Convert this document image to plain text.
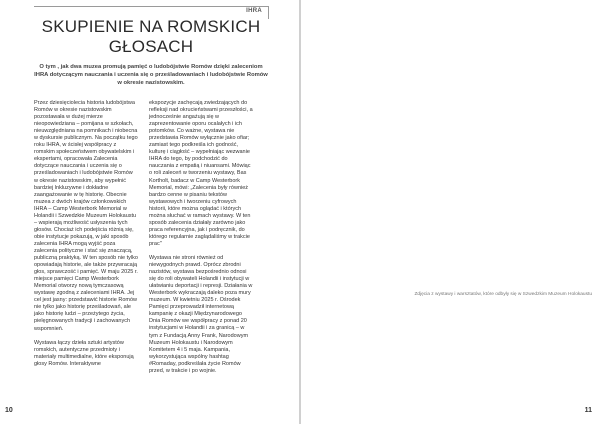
IHRA
SKUPIENIE NA ROMSKICH
GŁOSACH

O tym , jak dwa muzea promują pamięć o ludobójstwie Romów dzięki zaleceniom IHRA dotyczącym nauczania i uczenia się o prześladowaniach i ludobójstwie Romów w okresie nazistowskim.

Przez dziesięciolecia historia ludobójstwa Romów w okresie nazistowskim pozostawała w dużej mierze nieopowiedziana – pomijana w szkołach, nieuwzględniana na pomnikach i niobecna w dyskursie publicznym. Na początku tego roku IHRA, w ścisłej współpracy z romskim społeczeństwem obywatelskim i ekspertami, opracowała Zalecenia dotyczące nauczania i uczenia się o prześladowaniach i ludobójstwie Romów w okresie nazistowskim, aby wypełnić bardziej lnkluzywne i dokładne zaangażowanie w tę historię. Obecnie muzea z dwóch krajów członkowskich IHRA – Camp Westerbork Memorial w Holandii i Szwedzkie Muzeum Holokaustu – wspierają możliwość usłyszenia tych głosów. Chociaż ich podejścia różnią się, obie instytucje pokazują, w jaki sposób zalecenia IHRA mogą wyjść poza zalecenia polityczne i stać się znaczącą, publiczną praktyką. W ten sposób nie tylko opowiadają historie, ale także przywracają głos, sprawczość i pamięć. W maju 2025 r. miejsce pamięci Camp Westerbork Memorial otworzy nową tymczasową wystawę zgodną z zaleceniami IHRA. Jej cel jest jasny: przedstawić historie Romów nie tylko jako historię prześladowań, ale jako historię ludzi – przeżytego życia, pielęgnowanych tradycji i zachowanych wspomnień.

Wystawa łączy dzieła sztuki artystów romskich, autentyczne przedmioty i materiały multimedialne, które eksponują głosy Romów. Interaktywne

ekspozycje zachęcają zwiedzających do refleksji nad okrucieństwami przeszłości, a jednocześnie angażują się w zaprezentowanie oporu ocalałych i ich potomków. Co ważne, wystawa nie przedstawia Romów wyłącznie jako ofiar; zamiast tego podkreśla ich godność, kulturę i ciągłość – wypełniając wezwanie IHRA do tego, by podchodzić do nauczania z empatią i niuansami. Mówiąc o roli zaleceń w tworzeniu wystawy, Bas Kortholt, badacz w Camp Westerbork Memorial, mówi: „Zalecenia były również bardzo cenne w pisaniu tekstów wystawowych i tworzeniu cyfrowych historii, które można oglądać i których można słuchać w ramach wystawy. W ten sposób zalecenia działały zarówno jako praca referencyjna, jak i podręcznik, do którego regularnie zaglądaliśmy w trakcie prac"

Wystawa nie stroni również od niewygodnych prawd. Oprócz zbrodni nazistów, wystawa bezpośrednio odnosi się do roli obywateli Holandii i instytucji w ułatwianiu deportacji i represji. Działania w Westerbork wykraczają daleko poza mury muzeum. W kwietniu 2025 r. Ośrodek Pamięci przeprowadził internetową kampanię z okazji Międzynarodowego Dnia Romów we współpracy z ponad 20 instytucjami w Holandii i za granicą – w tym z Fundacją Anny Frank, Narodowym Muzeum Holokaustu i Narodowym Komitetem 4 i 5 maja. Kampania, wykorzystująca wspólny hashtag #Romaday, podkreślała życie Romów przed, w trakcie i po wojnie.

10
Zdjęcia z wystawy i warsztatów, które odbyły się w Szwedzkim Muzeum Holokaustu
11
